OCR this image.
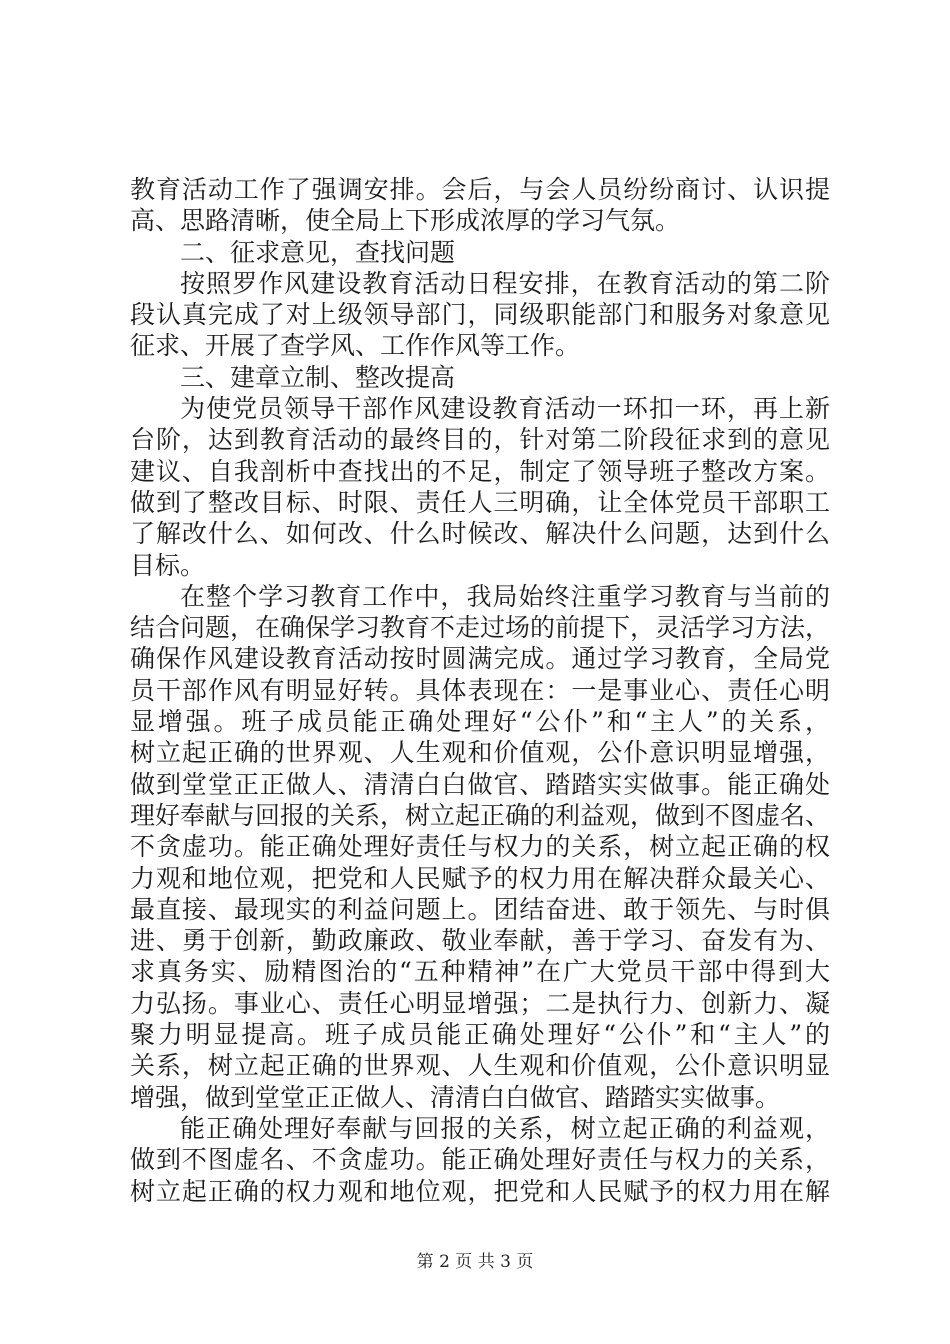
教育活动工作了强调安排。会后，与会人员纷纷商讨、认识提
高、思路清晰，使全局上下形成浓厚的学习气氛。
二、征求意见，查找问题
按照罗作风建设教育活动日程安排，在教育活动的第二阶
段认真完成了对上级领导部门，同级职能部门和服务对象意见
征求、开展了查学风、工作作风等工作。
三、建章立制、整改提高
为使党员领导干部作风建设教育活动一环扣一环，再上新
台阶，达到教育活动的最终目的，针对第二阶段征求到的意见
建议、自我剖析中查找出的不足，制定了领导班子整改方案。
做到了整改目标、时限、责任人三明确，让全体党员干部职工
了解改什么、如何改、什么时候改、解决什么问题，达到什么
目标。
在整个学习教育工作中，我局始终注重学习教育与当前的
结合问题，在确保学习教育不走过场的前提下，灵活学习方法，
确保作风建设教育活动按时圆满完成。通过学习教育，全局党
员干部作风有明显好转。具体表现在：一是事业心、责任心明
显增强。班子成员能正确处理好“公仆”和“主人”的关系，
树立起正确的世界观、人生观和价值观，公仆意识明显增强，
做到堂堂正正做人、清清白白做官、踏踏实实做事。能正确处
理好奉献与回报的关系，树立起正确的利益观，做到不图虚名、
不贪虚功。能正确处理好责任与权力的关系，树立起正确的权
力观和地位观，把党和人民赋予的权力用在解决群众最关心、
最直接、最现实的利益问题上。团结奋进、敢于领先、与时俱
进、勇于创新，勤政廉政、敬业奉献，善于学习、奋发有为、
求真务实、励精图治的“五种精神”在广大党员干部中得到大
力弘扬。事业心、责任心明显增强；二是执行力、创新力、凝
聚力明显提高。班子成员能正确处理好“公仆”和“主人”的
关系，树立起正确的世界观、人生观和价值观，公仆意识明显
增强，做到堂堂正正做人、清清白白做官、踏踏实实做事。
能正确处理好奉献与回报的关系，树立起正确的利益观，
做到不图虚名、不贪虚功。能正确处理好责任与权力的关系，
树立起正确的权力观和地位观，把党和人民赋予的权力用在解
第 2 页 共 3 页
